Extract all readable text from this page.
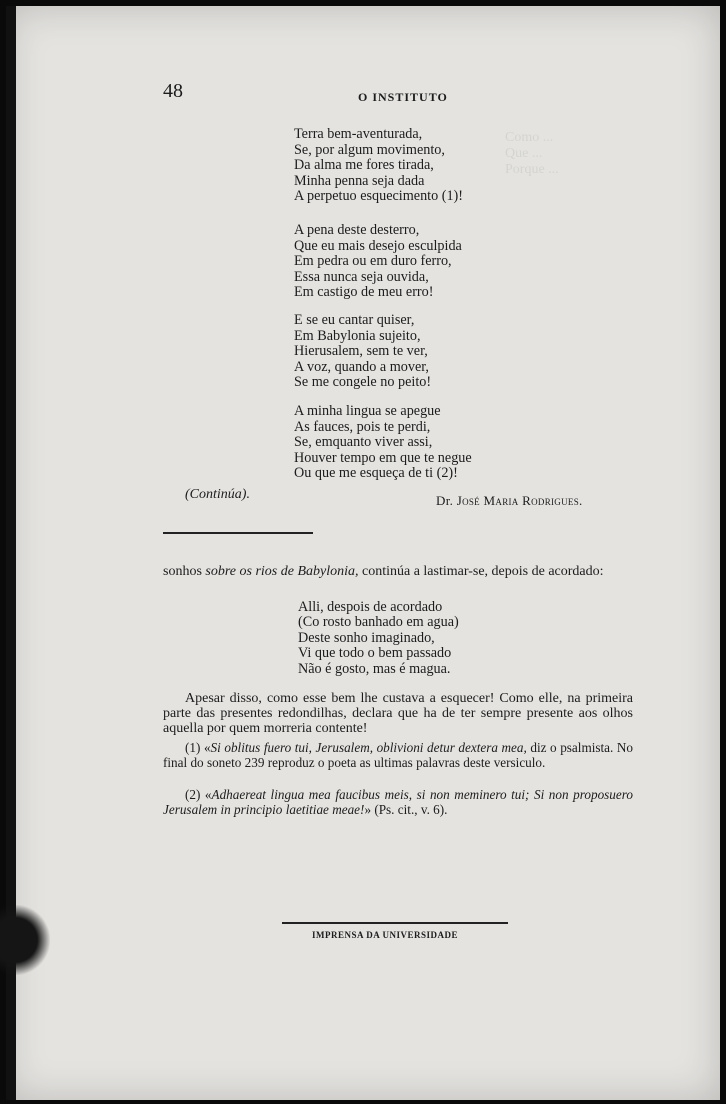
Como ...
Que ...
Porque ...
48	O INSTITUTO
Terra bem-aventurada,
Se, por algum movimento,
Da alma me fores tirada,
Minha penna seja dada
A perpetuo esquecimento (1)!
A pena deste desterro,
Que eu mais desejo esculpida
Em pedra ou em duro ferro,
Essa nunca seja ouvida,
Em castigo de meu erro!
E se eu cantar quiser,
Em Babylonia sujeito,
Hierusalem, sem te ver,
A voz, quando a mover,
Se me congele no peito!
A minha lingua se apegue
As fauces, pois te perdi,
Se, emquanto viver assi,
Houver tempo em que te negue
Ou que me esqueça de ti (2)!
(Continúa).	Dr. José Maria Rodrigues.
sonhos sobre os rios de Babylonia, continúa a lastimar-se, depois de acordado:
Alli, despois de acordado
(Co rosto banhado em agua)
Deste sonho imaginado,
Vi que todo o bem passado
Não é gosto, mas é magua.
Apesar disso, como esse bem lhe custava a esquecer! Como elle, na primeira parte das presentes redondilhas, declara que ha de ter sempre presente aos olhos aquella por quem morreria contente!
(1) «Si oblitus fuero tui, Jerusalem, oblivioni detur dextera mea, diz o psalmista. No final do soneto 239 reproduz o poeta as ultimas palavras deste versiculo.
(2) «Adhaereat lingua mea faucibus meis, si non meminero tui; Si non proposuero Jerusalem in principio laetitiae meae!» (Ps. cit., v. 6).
IMPRENSA DA UNIVERSIDADE
